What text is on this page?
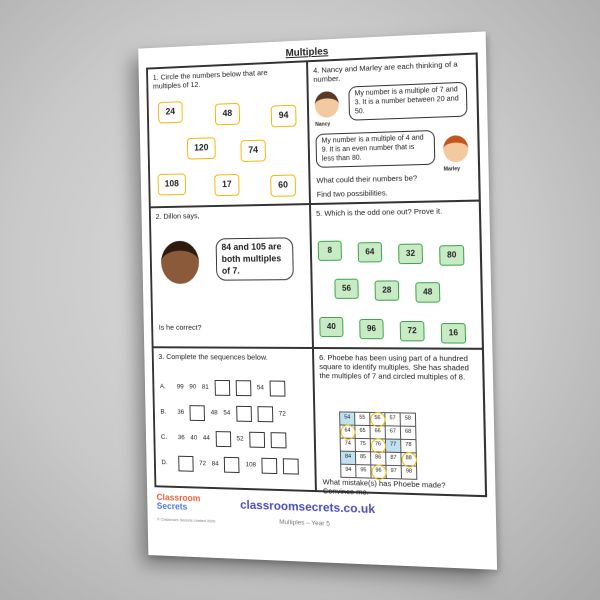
Multiples
1. Circle the numbers below that are multiples of 12.
24	48	94
120	74
108	17	60
4. Nancy and Marley are each thinking of a number.
Nancy
My number is a multiple of 7 and 3. It is a number between 20 and 50.
My number is a multiple of 4 and 9. It is an even number that is less than 80.
Marley
What could their numbers be?
Find two possibilities.
2. Dillon says,
84 and 105 are both multiples of 7.
Is he correct?
5. Which is the odd one out? Prove it.
8	64	32	80
56	28	48
40	96	72	16
3. Complete the sequences below.
A.	99 90 81	54
B.	36	48 54	72
C.	36 40 44	52
D.	72 84	108
6. Phoebe has been using part of a hundred square to identify multiples. She has shaded the multiples of 7 and circled multiples of 8.
54	55	56	57	58
64	65	66	67	68
74	75	76	77	78
84	85	86	87	88
94	95	96	97	98
What mistake(s) has Phoebe made? Convince me.
Classroom
Secrets
© Classroom Secrets Limited 2020
classroomsecrets.co.uk
Multiples – Year 5
